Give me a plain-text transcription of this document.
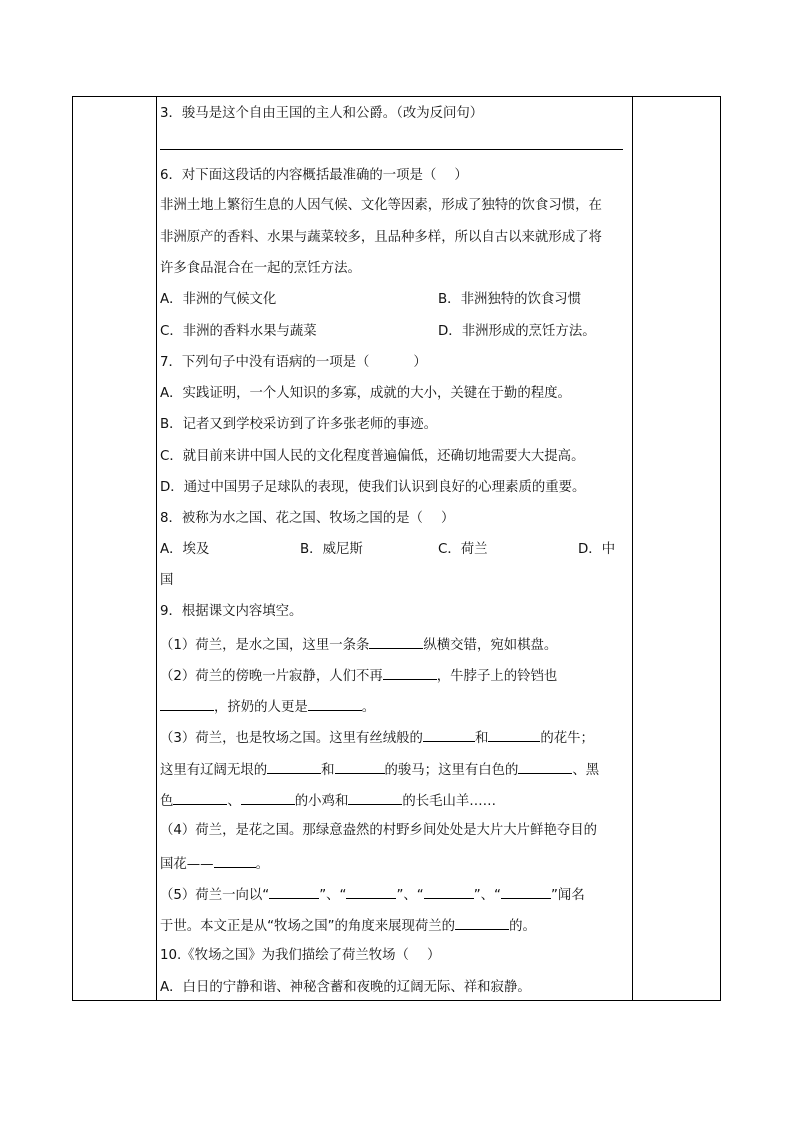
3．骏马是这个自由王国的主人和公爵。（改为反问句）
6．对下面这段话的内容概括最准确的一项是（ ）
非洲土地上繁衍生息的人因气候、文化等因素，形成了独特的饮食习惯，在
非洲原产的香料、水果与蔬菜较多，且品种多样，所以自古以来就形成了将
许多食品混合在一起的烹饪方法。
A．非洲的气候文化	B．非洲独特的饮食习惯
C．非洲的香料水果与蔬菜	D．非洲形成的烹饪方法。
7．下列句子中没有语病的一项是（	）
A．实践证明，一个人知识的多寡，成就的大小，关键在于勤的程度。
B．记者又到学校采访到了许多张老师的事迹。
C．就目前来讲中国人民的文化程度普遍偏低，还确切地需要大大提高。
D．通过中国男子足球队的表现，使我们认识到良好的心理素质的重要。
8．被称为水之国、花之国、牧场之国的是（ ）
A．埃及	B．威尼斯	C．荷兰	D．中
国
9．根据课文内容填空。
（1）荷兰，是水之国，这里一条条	纵横交错，宛如棋盘。
（2）荷兰的傍晚一片寂静，人们不再	，牛脖子上的铃铛也
，挤奶的人更是	。
（3）荷兰，也是牧场之国。这里有丝绒般的	和	的花牛；
这里有辽阔无垠的	和	的骏马；这里有白色的	、黑
色	、	的小鸡和	的长毛山羊……
（4）荷兰，是花之国。那绿意盎然的村野乡间处处是大片大片鲜艳夺目的
国花——	。
（5）荷兰一向以“	”、“	”、“	”、“	”闻名
于世。本文正是从“牧场之国”的角度来展现荷兰的	的。
10.《牧场之国》为我们描绘了荷兰牧场（ ）
A．白日的宁静和谐、神秘含蓄和夜晚的辽阔无际、祥和寂静。
